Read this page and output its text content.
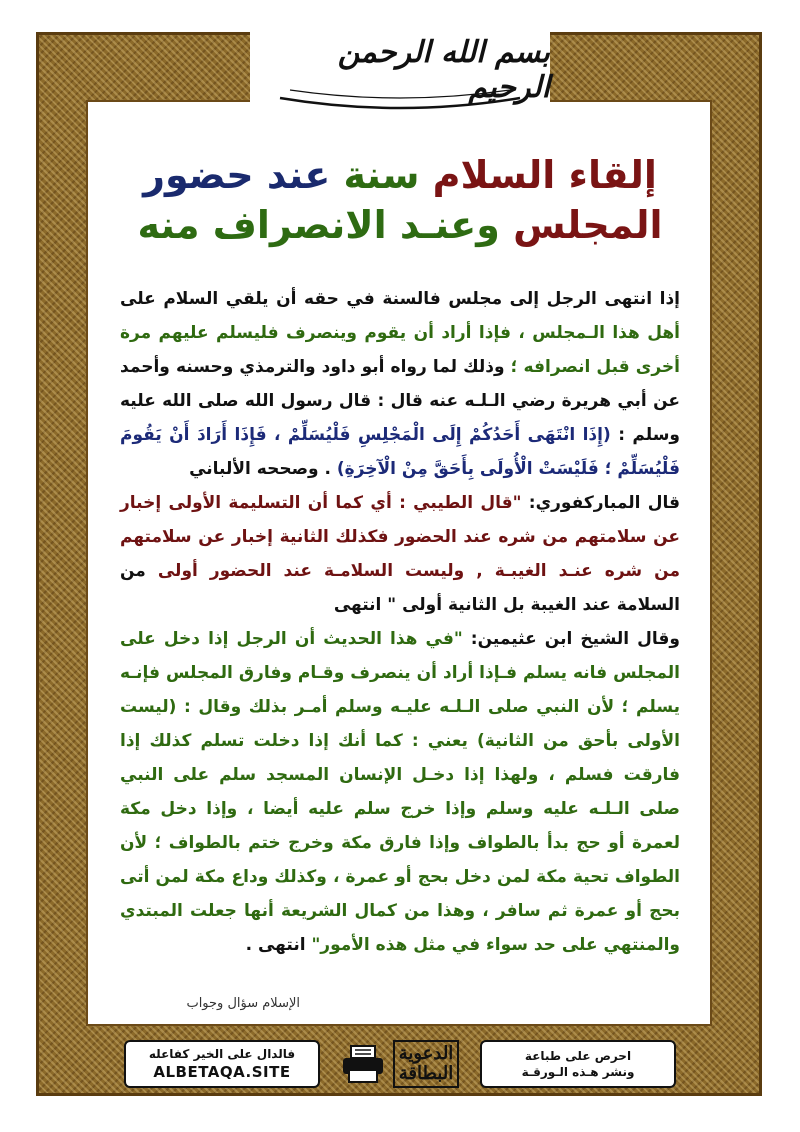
بسم الله الرحمن الرحيم
إلقاء السلام سنة عند حضور
المجلس وعنـد الانصراف منه

إذا انتهى الرجل إلى مجلس فالسنة في حقه أن يلقي السلام على أهل هذا الـمجلس ، فإذا أراد أن يقوم وينصرف فليسلم عليهم مرة أخرى قبل انصرافه ؛ وذلك لما رواه أبو داود والترمذي وحسنه وأحمد عن أبي هريرة رضي الـلـه عنه قال : قال رسول الله صلى الله عليه وسلم : (إِذَا انْتَهَى أَحَدُكُمْ إِلَى الْمَجْلِسِ فَلْيُسَلِّمْ ، فَإِذَا أَرَادَ أَنْ يَقُومَ فَلْيُسَلِّمْ ؛ فَلَيْسَتْ الْأُولَى بِأَحَقَّ مِنْ الْآخِرَةِ) . وصححه الألباني

قال المباركفوري: "قال الطيبي : أي كما أن التسليمة الأولى إخبار عن سلامتهم من شره عند الحضور فكذلك الثانية إخبار عن سلامتهم من شره عنـد الغيبـة , وليست السلامـة عند الحضور أولى من السلامة عند الغيبة بل الثانية أولى " انتهى

وقال الشيخ ابن عثيمين: "في هذا الحديث أن الرجل إذا دخل على المجلس فانه يسلم فـإذا أراد أن ينصرف وقـام وفارق المجلس فإنـه يسلم ؛ لأن النبي صلى الـلـه عليـه وسلم أمـر بذلك وقال : (ليست الأولى بأحق من الثانية) يعني : كما أنك إذا دخلت تسلم كذلك إذا فارقت فسلم ، ولهذا إذا دخـل الإنسان المسجد سلم على النبي صلى الـلـه عليه وسلم وإذا خرج سلم عليه أيضا ، وإذا دخل مكة لعمرة أو حج بدأ بالطواف وإذا فارق مكة وخرج ختم بالطواف ؛ لأن الطواف تحية مكة لمن دخل بحج أو عمرة ، وكذلك وداع مكة لمن أتى بحج أو عمرة ثم سافر ، وهذا من كمال الشريعة أنها جعلت المبتدي والمنتهي على حد سواء في مثل هذه الأمور" انتهى .

الإسلام سؤال وجواب
فالدال على الخير كفاعله
ALBETAQA.SITE
الدعوية
البطاقة
احرص على طباعة
ونشر هـذه الـورقـة
